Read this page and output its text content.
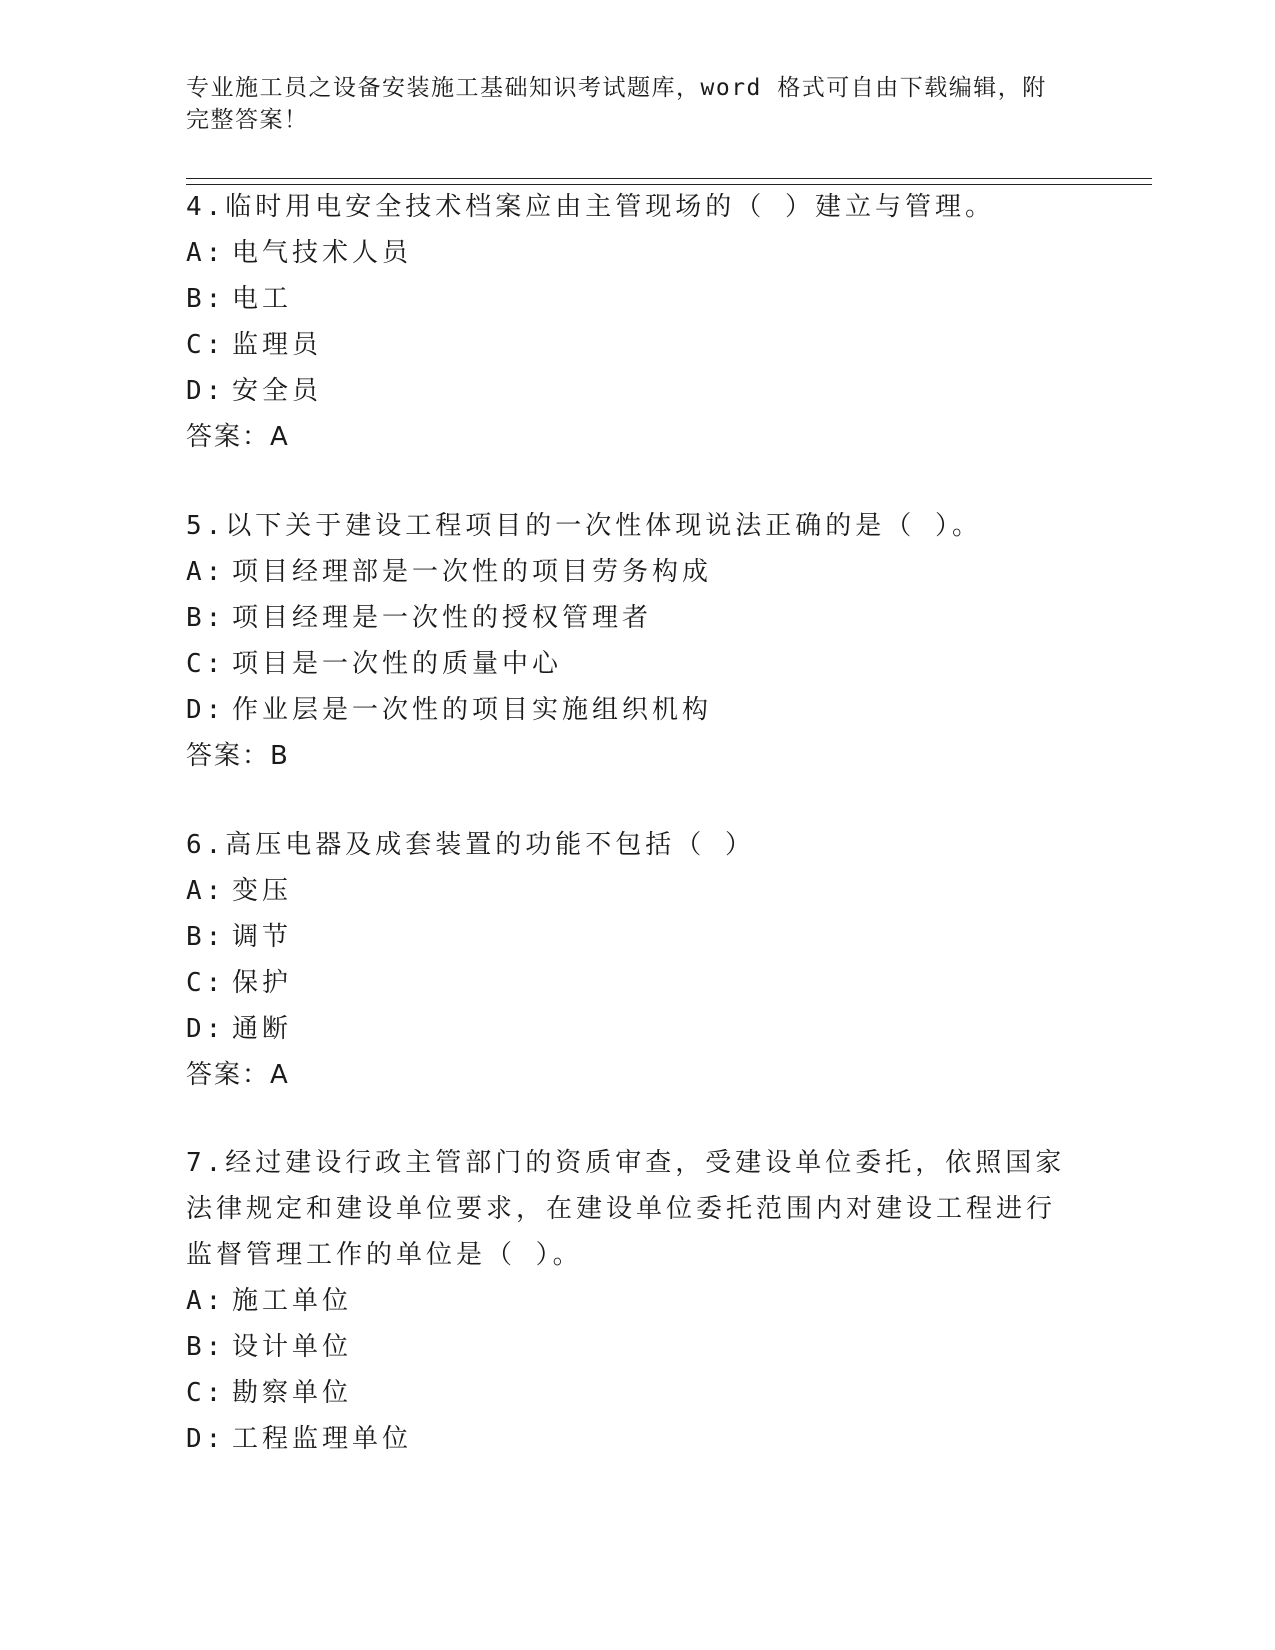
专业施工员之设备安装施工基础知识考试题库，word 格式可自由下载编辑，附完整答案！
4.临时用电安全技术档案应由主管现场的（ ）建立与管理。
A: 电气技术人员
B: 电工
C: 监理员
D: 安全员
答案：A
5.以下关于建设工程项目的一次性体现说法正确的是（ ）。
A: 项目经理部是一次性的项目劳务构成
B: 项目经理是一次性的授权管理者
C: 项目是一次性的质量中心
D: 作业层是一次性的项目实施组织机构
答案：B
6.高压电器及成套装置的功能不包括（ ）
A: 变压
B: 调节
C: 保护
D: 通断
答案：A
7.经过建设行政主管部门的资质审查，受建设单位委托，依照国家法律规定和建设单位要求，在建设单位委托范围内对建设工程进行监督管理工作的单位是（ ）。
A: 施工单位
B: 设计单位
C: 勘察单位
D: 工程监理单位
